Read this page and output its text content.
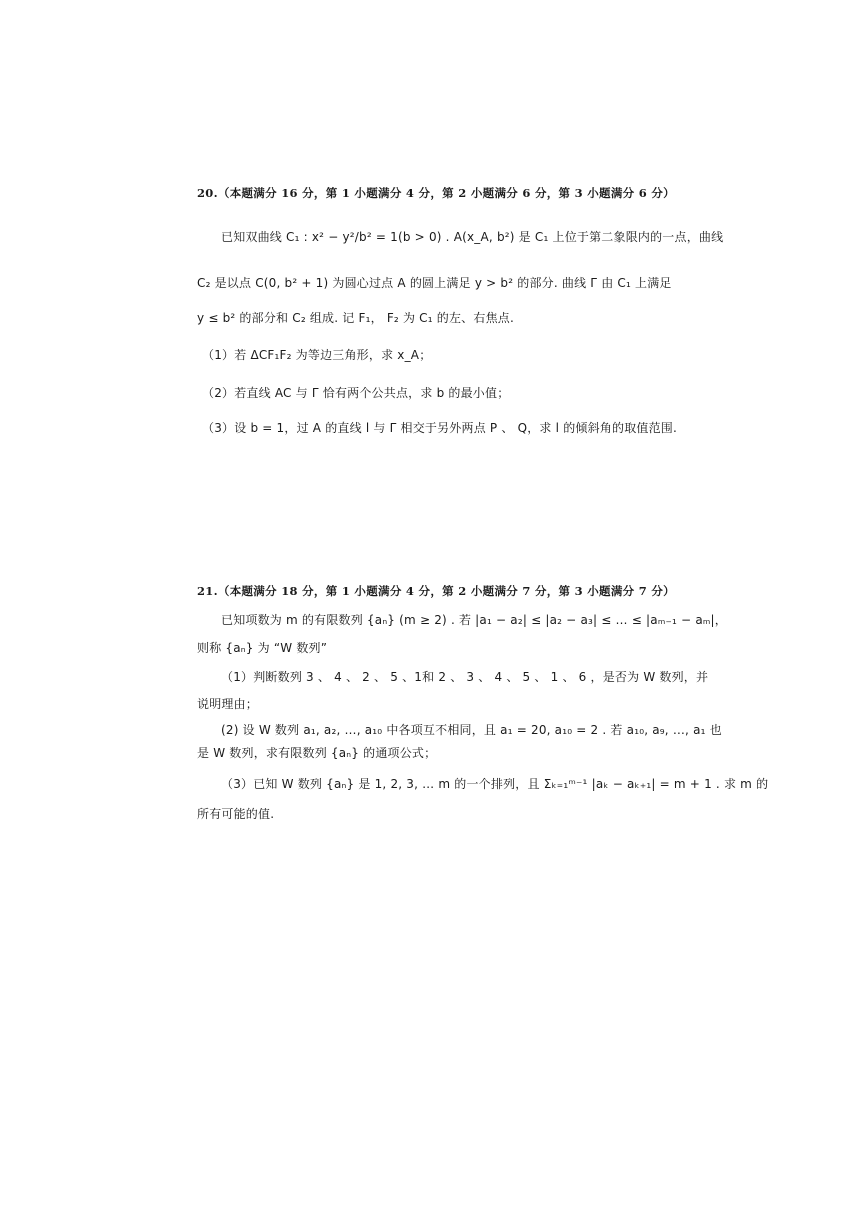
20.（本题满分 16 分，第 1 小题满分 4 分，第 2 小题满分 6 分，第 3 小题满分 6 分）
已知双曲线 C₁ : x² − y²/b² = 1(b > 0) . A(x_A, b²) 是 C₁ 上位于第二象限内的一点，曲线
C₂ 是以点 C(0, b² + 1) 为圆心过点 A 的圆上满足 y > b² 的部分. 曲线 Γ 由 C₁ 上满足
y ≤ b² 的部分和 C₂ 组成. 记 F₁， F₂ 为 C₁ 的左、右焦点.
（1）若 ΔCF₁F₂ 为等边三角形，求 x_A；
（2）若直线 AC 与 Γ 恰有两个公共点，求 b 的最小值；
（3）设 b = 1，过 A 的直线 l 与 Γ 相交于另外两点 P 、 Q，求 l 的倾斜角的取值范围.
21.（本题满分 18 分，第 1 小题满分 4 分，第 2 小题满分 7 分，第 3 小题满分 7 分）
已知项数为 m 的有限数列 {aₙ} (m ≥ 2) . 若 |a₁ − a₂| ≤ |a₂ − a₃| ≤ … ≤ |aₘ₋₁ − aₘ|，
则称 {aₙ} 为 “W 数列”
（1）判断数列 3 、 4 、 2 、 5 、1和 2 、 3 、 4 、 5 、 1 、 6 ，是否为 W 数列，并
说明理由；
(2) 设 W 数列 a₁, a₂, …, a₁₀ 中各项互不相同，且 a₁ = 20, a₁₀ = 2 . 若 a₁₀, a₉, …, a₁ 也
是 W 数列，求有限数列 {aₙ} 的通项公式；
（3）已知 W 数列 {aₙ} 是 1, 2, 3, … m 的一个排列，且 Σₖ₌₁ᵐ⁻¹ |aₖ − aₖ₊₁| = m + 1 . 求 m 的
所有可能的值.
